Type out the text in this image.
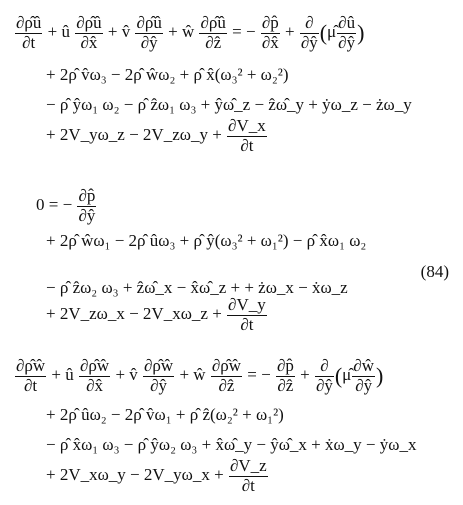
$\frac{\partial\rhôû}{\partial t}$ + û $\frac{\partial\rhôû}{\partial x̂}$ + v̂ $\frac{\partial\rhôû}{\partial ŷ}$ + ŵ $\frac{\partial\rhôû}{\text{∂ẑ}}$ = − $\frac{\partial p̂}{\partial x̂} + \frac{\partial}{\partial ŷ}$ (μ̂ $\frac{\partial û}{\partial ŷ}$ )
+ 2ρ̂ v̂ω₃ − 2ρ̂ ŵω₂ + ρ̂ x̂(ω₃² + ω₂²)
− ρ̂ ŷω₁ ω₂ − ρ̂ ẑω₁ ω₃ + ŷω̂_z − ẑω̂_y + ẏω_z − żω_y
+ 2V_yω_z − 2V_zω_y + $\frac{\partial V\_x}{\partial t}$
0 = − $\frac{\partial p̂}{\partial ŷ}$
+ 2ρ̂ ŵω₁ − 2ρ̂ ûω₃ + ρ̂ ŷ(ω₃² + ω₁²) − ρ̂ x̂ω₁ ω₂
− ρ̂ ẑω₂ ω₃ + ẑω̂_x − x̂ω̂_z + + żω_x − ẋω_z
+ 2V_zω_x − 2V_xω_z + $\frac{\partial V\_y}{\partial t}$
(84)
$\frac{\partial\rhôŵ}{\partial t}$ + û $\frac{\partial\rhôŵ}{\partial x̂}$ + v̂ $\frac{\partial\rhôŵ}{\partial ŷ}$ + ŵ $\frac{\partial\rhôŵ}{\text{∂ẑ}}$ = − $\frac{\partial p̂}{\text{∂ẑ}} + \frac{\partial}{\partial ŷ}$ (μ̂ $\frac{\partial ŵ}{\partial ŷ}$ )
+ 2ρ̂ ûω₂ − 2ρ̂ v̂ω₁ + ρ̂ ẑ(ω₂² + ω₁²)
− ρ̂ x̂ω₁ ω₃ − ρ̂ ŷω₂ ω₃ + x̂ω̂_y − ŷω̂_x + ẋω_y − ẏω_x
+ 2V_xω_y − 2V_yω_x + $\frac{\partial V\_z}{\partial t}$
